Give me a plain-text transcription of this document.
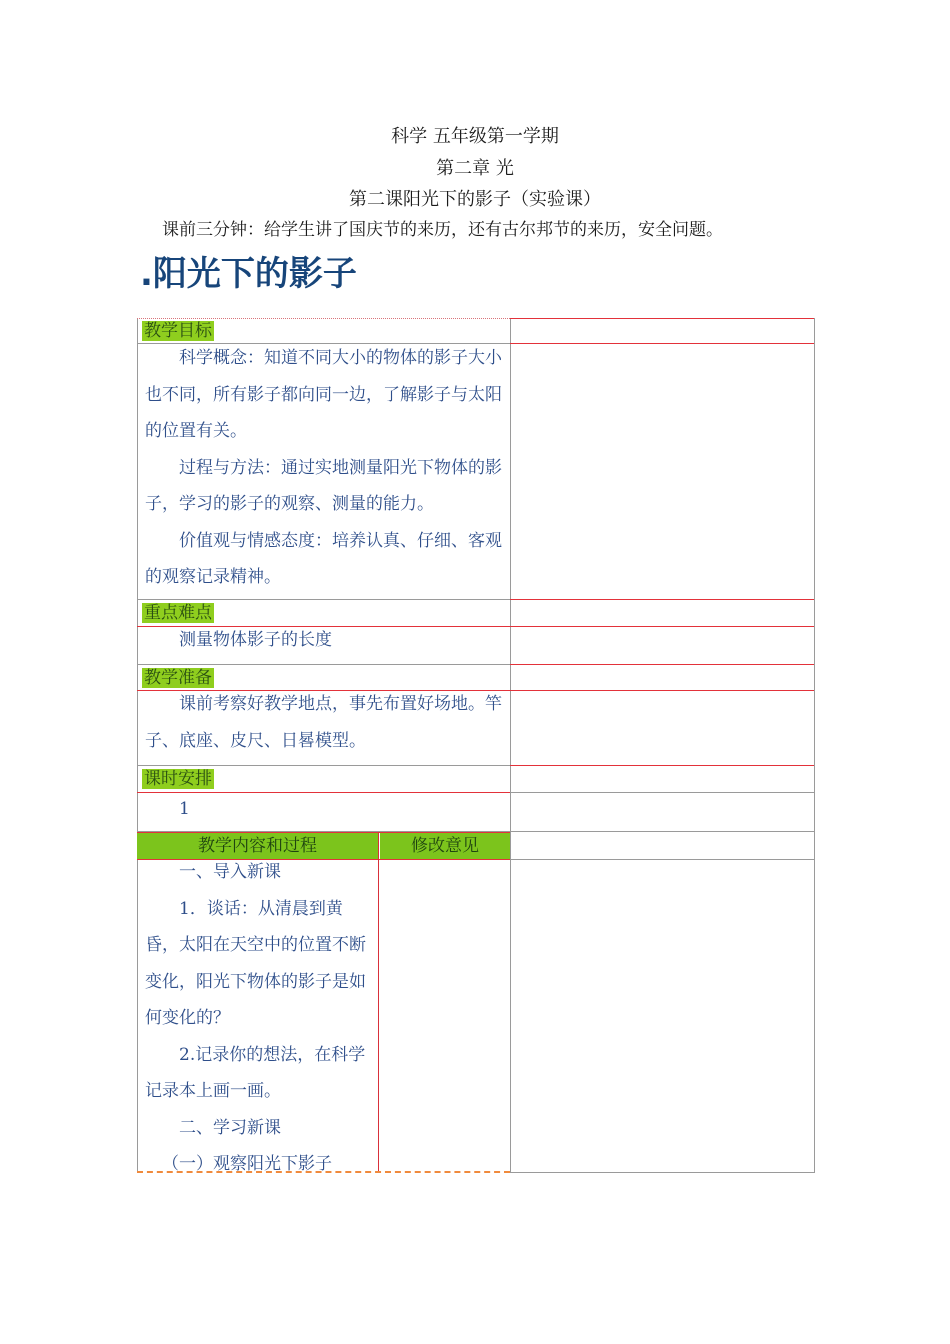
科学 五年级第一学期
第二章 光
第二课阳光下的影子（实验课）
课前三分钟：给学生讲了国庆节的来历，还有古尔邦节的来历，安全问题。
.阳光下的影子
教学目标

科学概念：知道不同大小的物体的影子大小也不同，所有影子都向同一边，了解影子与太阳的位置有关。

过程与方法：通过实地测量阳光下物体的影子，学习的影子的观察、测量的能力。

价值观与情感态度：培养认真、仔细、客观的观察记录精神。

重点难点

测量物体影子的长度

教学准备

课前考察好教学地点，事先布置好场地。竿子、底座、皮尺、日晷模型。

课时安排

1

教学内容和过程	修改意见

一、导入新课

1．谈话：从清晨到黄昏，太阳在天空中的位置不断变化，阳光下物体的影子是如何变化的？

2.记录你的想法，在科学记录本上画一画。

二、学习新课

（一）观察阳光下影子
